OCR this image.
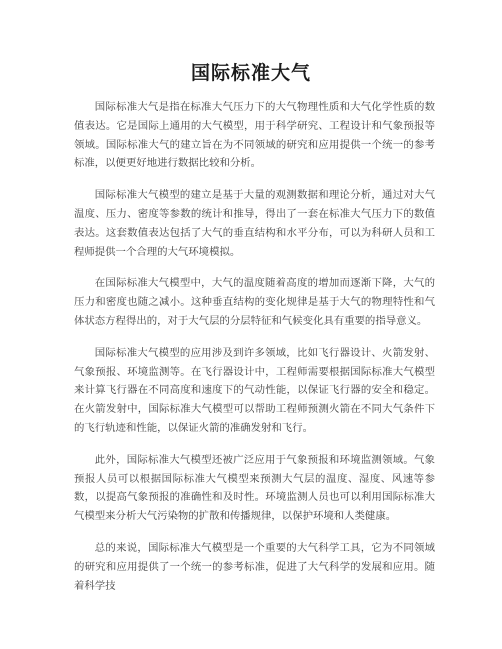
国际标准大气

国际标准大气是指在标准大气压力下的大气物理性质和大气化学性质的数值表达。它是国际上通用的大气模型，用于科学研究、工程设计和气象预报等领域。国际标准大气的建立旨在为不同领域的研究和应用提供一个统一的参考标准，以便更好地进行数据比较和分析。

国际标准大气模型的建立是基于大量的观测数据和理论分析，通过对大气温度、压力、密度等参数的统计和推导，得出了一套在标准大气压力下的数值表达。这套数值表达包括了大气的垂直结构和水平分布，可以为科研人员和工程师提供一个合理的大气环境模拟。

在国际标准大气模型中，大气的温度随着高度的增加而逐渐下降，大气的压力和密度也随之减小。这种垂直结构的变化规律是基于大气的物理特性和气体状态方程得出的，对于大气层的分层特征和气候变化具有重要的指导意义。

国际标准大气模型的应用涉及到许多领域，比如飞行器设计、火箭发射、气象预报、环境监测等。在飞行器设计中，工程师需要根据国际标准大气模型来计算飞行器在不同高度和速度下的气动性能，以保证飞行器的安全和稳定。在火箭发射中，国际标准大气模型可以帮助工程师预测火箭在不同大气条件下的飞行轨迹和性能，以保证火箭的准确发射和飞行。

此外，国际标准大气模型还被广泛应用于气象预报和环境监测领域。气象预报人员可以根据国际标准大气模型来预测大气层的温度、湿度、风速等参数，以提高气象预报的准确性和及时性。环境监测人员也可以利用国际标准大气模型来分析大气污染物的扩散和传播规律，以保护环境和人类健康。

总的来说，国际标准大气模型是一个重要的大气科学工具，它为不同领域的研究和应用提供了一个统一的参考标准，促进了大气科学的发展和应用。随着科学技
